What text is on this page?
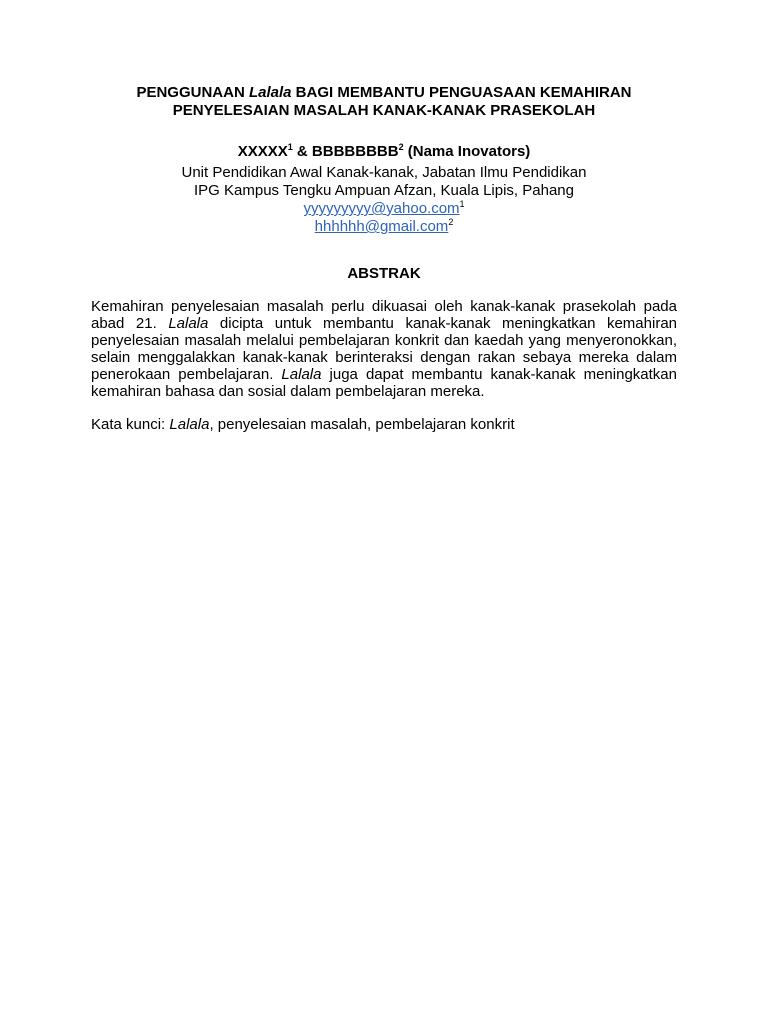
PENGGUNAAN Lalala BAGI MEMBANTU PENGUASAAN KEMAHIRAN
PENYELESAIAN MASALAH KANAK-KANAK PRASEKOLAH
XXXXX$^1$ & BBBBBBBB$^2$ (Nama Inovators)
Unit Pendidikan Awal Kanak-kanak, Jabatan Ilmu Pendidikan
IPG Kampus Tengku Ampuan Afzan, Kuala Lipis, Pahang
yyyyyyyyy@yahoo.com$^1$
hhhhhh@gmail.com$^2$
ABSTRAK
Kemahiran penyelesaian masalah perlu dikuasai oleh kanak-kanak prasekolah pada abad 21. Lalala dicipta untuk membantu kanak-kanak meningkatkan kemahiran penyelesaian masalah melalui pembelajaran konkrit dan kaedah yang menyeronokkan, selain menggalakkan kanak-kanak berinteraksi dengan rakan sebaya mereka dalam penerokaan pembelajaran. Lalala juga dapat membantu kanak-kanak meningkatkan kemahiran bahasa dan sosial dalam pembelajaran mereka.
Kata kunci: Lalala, penyelesaian masalah, pembelajaran konkrit
